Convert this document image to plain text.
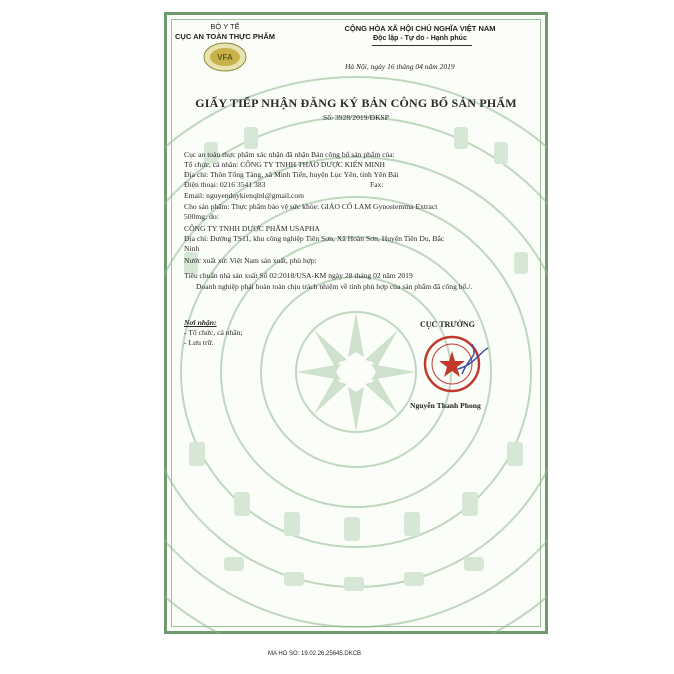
BỘ Y TẾ
CỤC AN TOÀN THỰC PHẨM
VFA
CỘNG HÒA XÃ HỘI CHỦ NGHĨA VIỆT NAM
Độc lập - Tự do - Hạnh phúc
Hà Nội, ngày 16 tháng 04 năm 2019
GIẤY TIẾP NHẬN ĐĂNG KÝ BẢN CÔNG BỐ SẢN PHẨM
Số: 3928/2019/ĐKSP
Cục an toàn thực phẩm xác nhận đã nhận Bản công bố sản phẩm của:
Tổ chức, cá nhân: CÔNG TY TNHH THẢO DƯỢC KIẾN MINH
Địa chỉ: Thôn Tổng Tàng, xã Minh Tiến, huyện Lục Yên, tỉnh Yên Bái
Điện thoại: 0216 3541 383	Fax:
Email: nguyenduykienqlnl@gmail.com
Cho sản phẩm: Thực phẩm bảo vệ sức khỏe: GIẢO CỔ LAM Gynostemma Extract
500mg; do:
CÔNG TY TNHH DƯỢC PHẨM USAPHA
Địa chỉ: Đường TS11, khu công nghiệp Tiên Sơn, Xã Hoàn Sơn, Huyện Tiên Du, Bắc
Ninh
Nước xuất xứ: Việt Nam sản xuất, phù hợp:
Tiêu chuẩn nhà sản xuất Số 02:2018/USA-KM ngày 28 tháng 02 năm 2019
Doanh nghiệp phải hoàn toàn chịu trách nhiệm về tính phù hợp của sản phẩm đã công bố./.
Nơi nhận:
- Tổ chức, cá nhân;
- Lưu trữ.
CỤC TRƯỞNG
Nguyễn Thanh Phong
MA HO SO: 19.02.26.25645.DKCB
